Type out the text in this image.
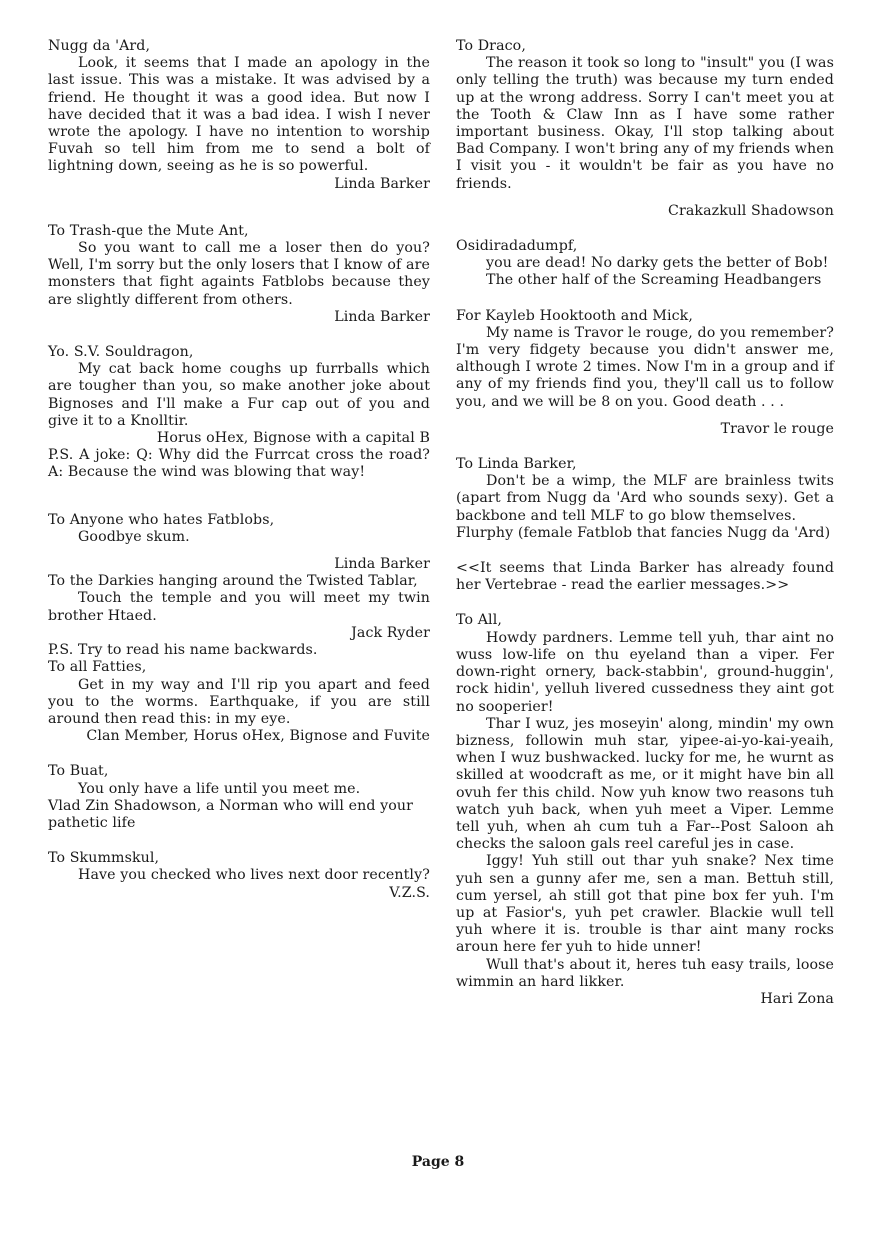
Nugg da 'Ard,

Look, it seems that I made an apology in the last issue. This was a mistake. It was advised by a friend. He thought it was a good idea. But now I have decided that it was a bad idea. I wish I never wrote the apology. I have no intention to worship Fuvah so tell him from me to send a bolt of lightning down, seeing as he is so powerful.

Linda Barker

To Trash-que the Mute Ant,

So you want to call me a loser then do you? Well, I'm sorry but the only losers that I know of are monsters that fight againts Fatblobs because they are slightly different from others.

Linda Barker

Yo. S.V. Souldragon,

My cat back home coughs up furrballs which are tougher than you, so make another joke about Bignoses and I'll make a Fur cap out of you and give it to a Knolltir.

Horus oHex, Bignose with a capital B

P.S. A joke: Q: Why did the Furrcat cross the road? A: Because the wind was blowing that way!

To Anyone who hates Fatblobs,

Goodbye skum.

Linda Barker

To the Darkies hanging around the Twisted Tablar,

Touch the temple and you will meet my twin brother Htaed.

Jack Ryder

P.S. Try to read his name backwards.

To all Fatties,

Get in my way and I'll rip you apart and feed you to the worms. Earthquake, if you are still around then read this: in my eye.

Clan Member, Horus oHex, Bignose and Fuvite

To Buat,

You only have a life until you meet me.

Vlad Zin Shadowson, a Norman who will end your pathetic life

To Skummskul,

Have you checked who lives next door recently?

V.Z.S.

To Draco,

The reason it took so long to "insult" you (I was only telling the truth) was because my turn ended up at the wrong address. Sorry I can't meet you at the Tooth & Claw Inn as I have some rather important business. Okay, I'll stop talking about Bad Company. I won't bring any of my friends when I visit you - it wouldn't be fair as you have no friends.

Crakazkull Shadowson

Osidiradadumpf,

you are dead! No darky gets the better of Bob!

The other half of the Screaming Headbangers

For Kayleb Hooktooth and Mick,

My name is Travor le rouge, do you remember? I'm very fidgety because you didn't answer me, although I wrote 2 times. Now I'm in a group and if any of my friends find you, they'll call us to follow you, and we will be 8 on you. Good death . . .

Travor le rouge

To Linda Barker,

Don't be a wimp, the MLF are brainless twits (apart from Nugg da 'Ard who sounds sexy). Get a backbone and tell MLF to go blow themselves.

Flurphy (female Fatblob that fancies Nugg da 'Ard)

<<It seems that Linda Barker has already found her Vertebrae - read the earlier messages.>>

To All,

Howdy pardners. Lemme tell yuh, thar aint no wuss low-life on thu eyeland than a viper. Fer down-right ornery, back-stabbin', ground-huggin', rock hidin', yelluh livered cussedness they aint got no sooperier!

Thar I wuz, jes moseyin' along, mindin' my own bizness, followin muh star, yipee-ai-yo-kai-yeaih, when I wuz bushwacked. lucky for me, he wurnt as skilled at woodcraft as me, or it might have bin all ovuh fer this child. Now yuh know two reasons tuh watch yuh back, when yuh meet a Viper. Lemme tell yuh, when ah cum tuh a Far--Post Saloon ah checks the saloon gals reel careful jes in case.

Iggy! Yuh still out thar yuh snake? Nex time yuh sen a gunny afer me, sen a man. Bettuh still, cum yersel, ah still got that pine box fer yuh. I'm up at Fasior's, yuh pet crawler. Blackie wull tell yuh where it is. trouble is thar aint many rocks aroun here fer yuh to hide unner!

Wull that's about it, heres tuh easy trails, loose wimmin an hard likker.

Hari Zona

Page 8
